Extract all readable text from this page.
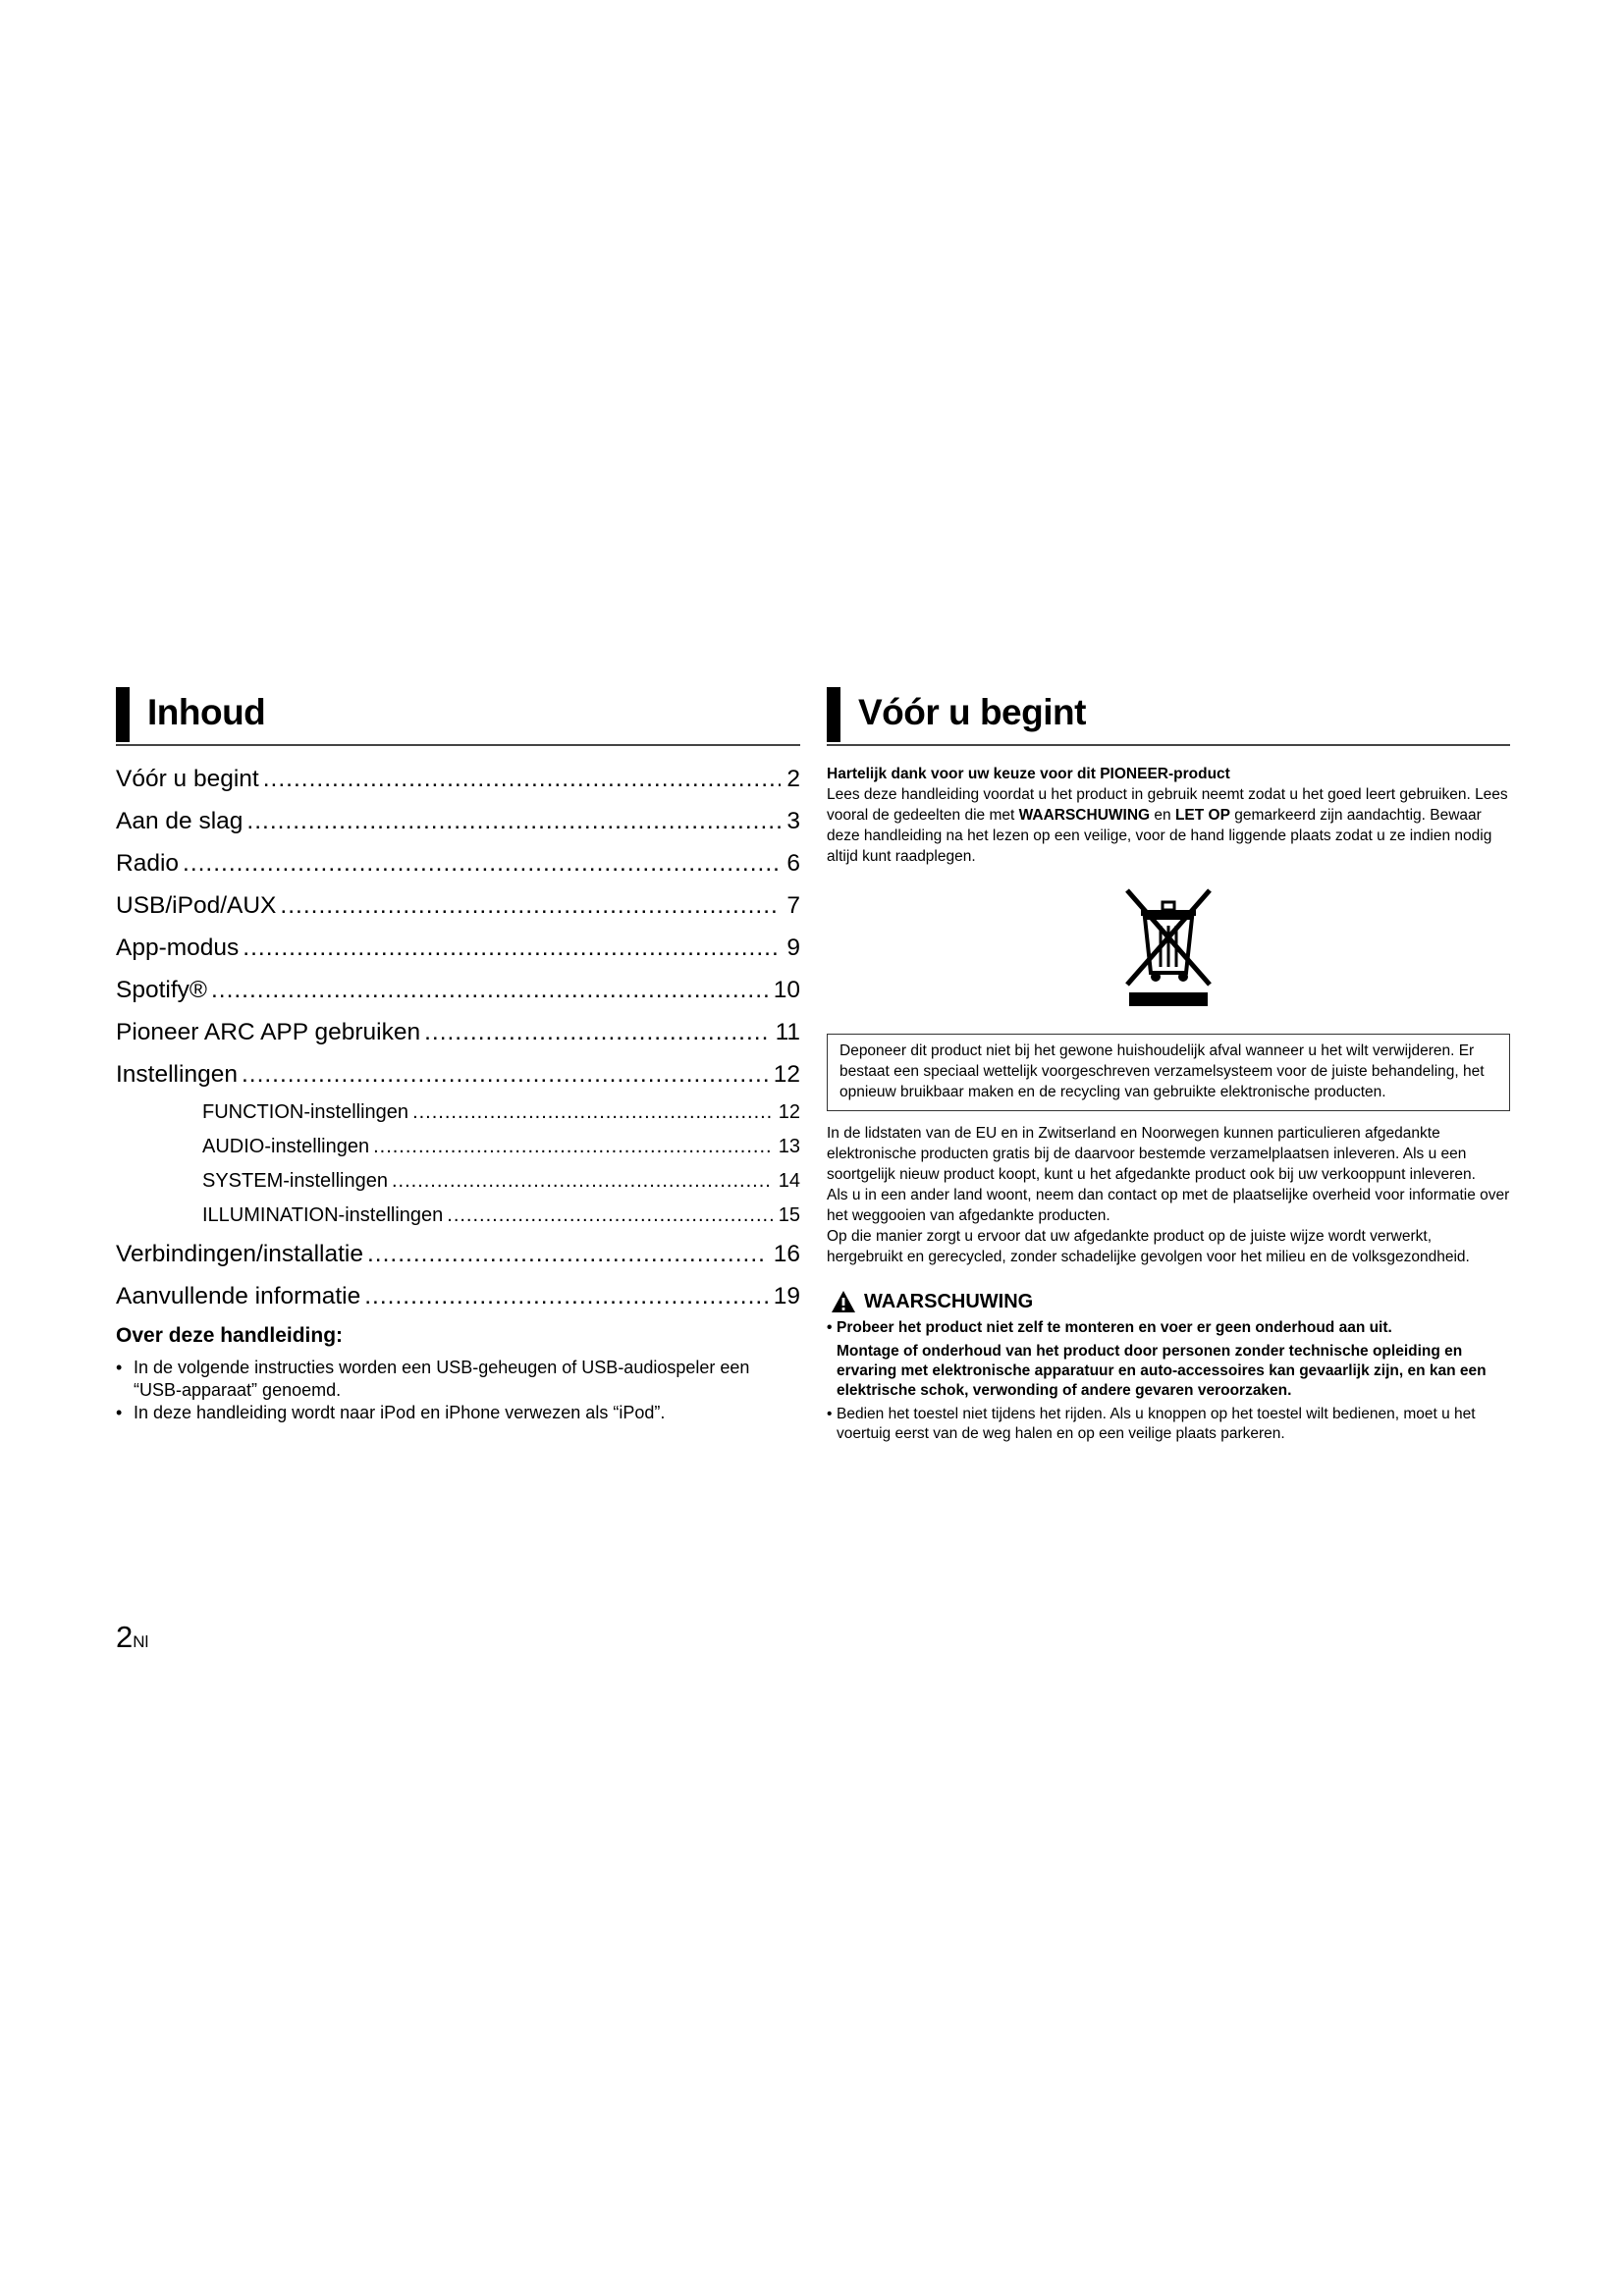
Inhoud
Vóór u begint .....	2
Aan de slag .....	3
Radio .....	6
USB/iPod/AUX .....	7
App-modus .....	9
Spotify® .....	10
Pioneer ARC APP gebruiken .....	11
Instellingen .....	12
FUNCTION-instellingen .....	12
AUDIO-instellingen .....	13
SYSTEM-instellingen .....	14
ILLUMINATION-instellingen .....	15
Verbindingen/installatie .....	16
Aanvullende informatie .....	19
Over deze handleiding:
• In de volgende instructies worden een USB-geheugen of USB-audiospeler een “USB-apparaat” genoemd.
• In deze handleiding wordt naar iPod en iPhone verwezen als “iPod”.
Vóór u begint
Hartelijk dank voor uw keuze voor dit PIONEER-product
Lees deze handleiding voordat u het product in gebruik neemt zodat u het goed leert gebruiken. Lees vooral de gedeelten die met WAARSCHUWING en LET OP gemarkeerd zijn aandachtig. Bewaar deze handleiding na het lezen op een veilige, voor de hand liggende plaats zodat u ze indien nodig altijd kunt raadplegen.
Deponeer dit product niet bij het gewone huishoudelijk afval wanneer u het wilt verwijderen. Er bestaat een speciaal wettelijk voorgeschreven verzamelsysteem voor de juiste behandeling, het opnieuw bruikbaar maken en de recycling van gebruikte elektronische producten.
In de lidstaten van de EU en in Zwitserland en Noorwegen kunnen particulieren afgedankte elektronische producten gratis bij de daarvoor bestemde verzamelplaatsen inleveren. Als u een soortgelijk nieuw product koopt, kunt u het afgedankte product ook bij uw verkooppunt inleveren.
Als u in een ander land woont, neem dan contact op met de plaatselijke overheid voor informatie over het weggooien van afgedankte producten.
Op die manier zorgt u ervoor dat uw afgedankte product op de juiste wijze wordt verwerkt, hergebruikt en gerecycled, zonder schadelijke gevolgen voor het milieu en de volksgezondheid.
WAARSCHUWING
• Probeer het product niet zelf te monteren en voer er geen onderhoud aan uit.
Montage of onderhoud van het product door personen zonder technische opleiding en ervaring met elektronische apparatuur en auto-accessoires kan gevaarlijk zijn, en kan een elektrische schok, verwonding of andere gevaren veroorzaken.
• Bedien het toestel niet tijdens het rijden. Als u knoppen op het toestel wilt bedienen, moet u het voertuig eerst van de weg halen en op een veilige plaats parkeren.
2Nl
